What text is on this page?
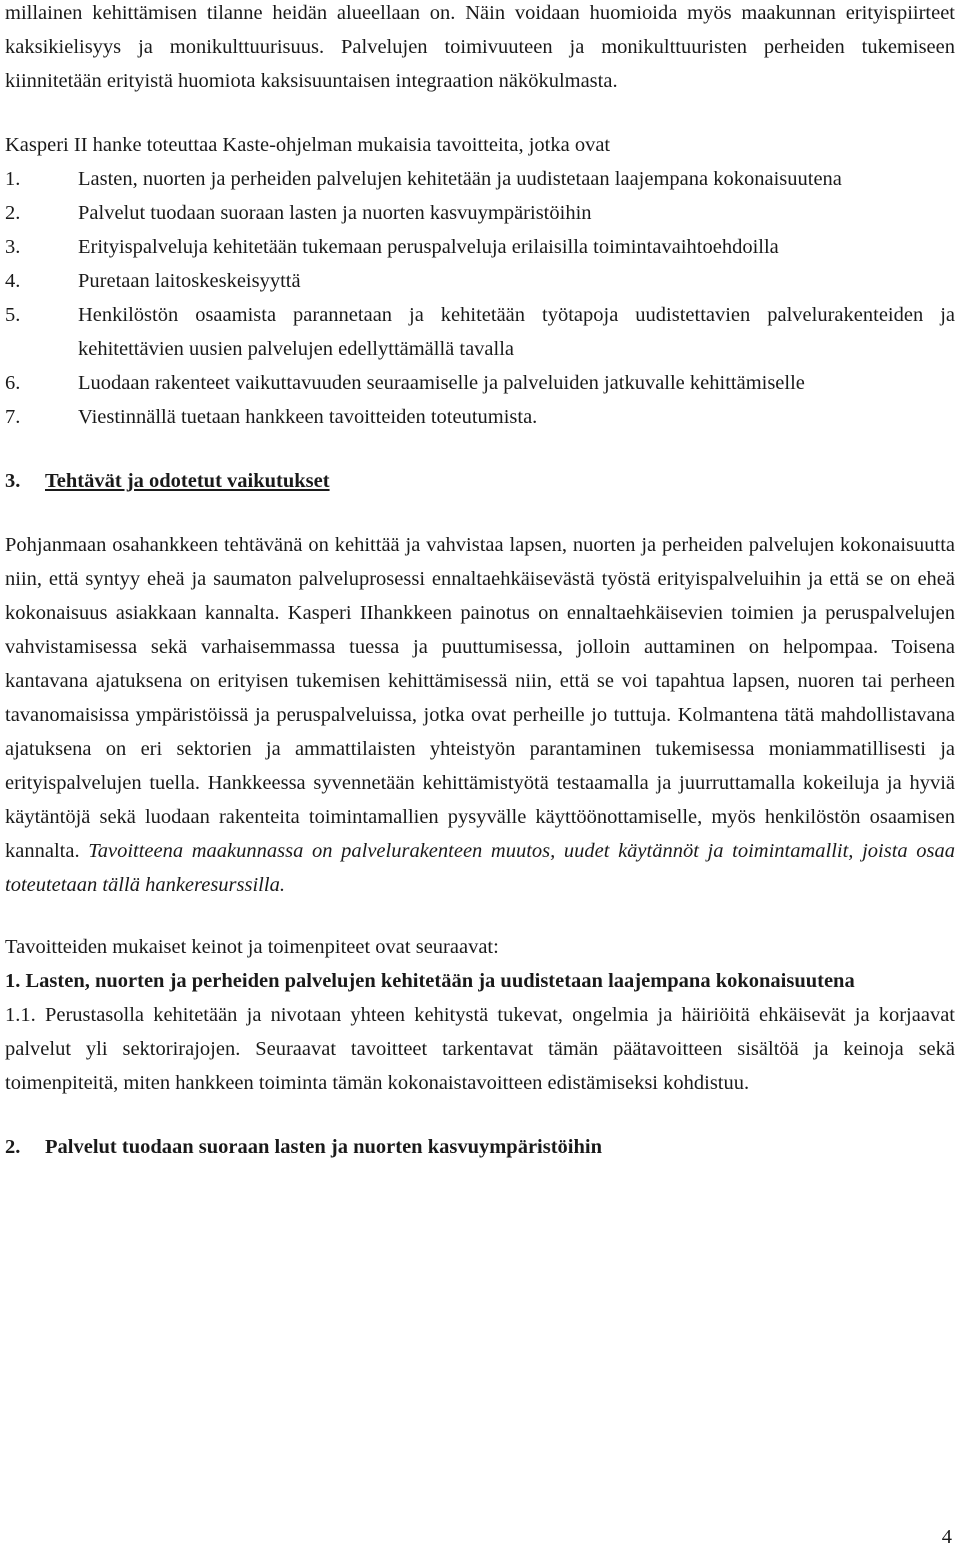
millainen kehittämisen tilanne heidän alueellaan on. Näin voidaan huomioida myös maakunnan erityispiirteet kaksikielisyys ja monikulttuurisuus. Palvelujen toimivuuteen ja monikulttuuristen perheiden tukemiseen kiinnitetään erityistä huomiota kaksisuuntaisen integraation näkökulmasta.

Kasperi II hanke toteuttaa Kaste-ohjelman mukaisia tavoitteita, jotka ovat

1.	Lasten, nuorten ja perheiden palvelujen kehitetään ja uudistetaan laajempana kokonaisuutena
2.	Palvelut tuodaan suoraan lasten ja nuorten kasvuympäristöihin
3.	Erityispalveluja kehitetään tukemaan peruspalveluja erilaisilla toimintavaihtoehdoilla
4.	Puretaan laitoskeskeisyyttä
5.	Henkilöstön osaamista parannetaan ja kehitetään työtapoja uudistettavien palvelurakenteiden ja kehitettävien uusien palvelujen edellyttämällä tavalla
6.	Luodaan rakenteet vaikuttavuuden seuraamiselle ja palveluiden jatkuvalle kehittämiselle
7.	Viestinnällä tuetaan hankkeen tavoitteiden toteutumista.
3. Tehtävät ja odotetut vaikutukset

Pohjanmaan osahankkeen tehtävänä on kehittää ja vahvistaa lapsen, nuorten ja perheiden palvelujen kokonaisuutta niin, että syntyy eheä ja saumaton palveluprosessi ennaltaehkäisevästä työstä erityispalveluihin ja että se on eheä kokonaisuus asiakkaan kannalta. Kasperi IIhankkeen painotus on ennaltaehkäisevien toimien ja peruspalvelujen vahvistamisessa sekä varhaisemmassa tuessa ja puuttumisessa, jolloin auttaminen on helpompaa. Toisena kantavana ajatuksena on erityisen tukemisen kehittämisessä niin, että se voi tapahtua lapsen, nuoren tai perheen tavanomaisissa ympäristöissä ja peruspalveluissa, jotka ovat perheille jo tuttuja. Kolmantena tätä mahdollistavana ajatuksena on eri sektorien ja ammattilaisten yhteistyön parantaminen tukemisessa moniammatillisesti ja erityispalvelujen tuella. Hankkeessa syvennetään kehittämistyötä testaamalla ja juurruttamalla kokeiluja ja hyviä käytäntöjä sekä luodaan rakenteita toimintamallien pysyvälle käyttöönottamiselle, myös henkilöstön osaamisen kannalta. Tavoitteena maakunnassa on palvelurakenteen muutos, uudet käytännöt ja toimintamallit, joista osaa toteutetaan tällä hankeresurssilla.

Tavoitteiden mukaiset keinot ja toimenpiteet ovat seuraavat:

1. Lasten, nuorten ja perheiden palvelujen kehitetään ja uudistetaan laajempana kokonaisuutena

1.1. Perustasolla kehitetään ja nivotaan yhteen kehitystä tukevat, ongelmia ja häiriöitä ehkäisevät ja korjaavat palvelut yli sektorirajojen. Seuraavat tavoitteet tarkentavat tämän päätavoitteen sisältöä ja keinoja sekä toimenpiteitä, miten hankkeen toiminta tämän kokonaistavoitteen edistämiseksi kohdistuu.

2. Palvelut tuodaan suoraan lasten ja nuorten kasvuympäristöihin
4
